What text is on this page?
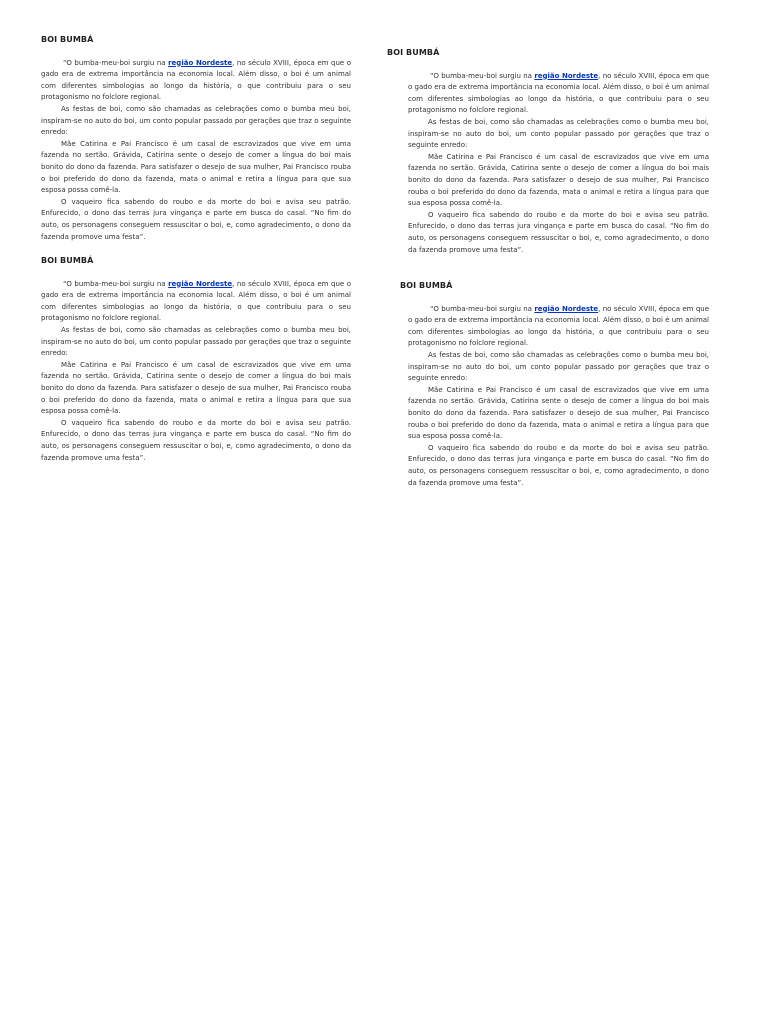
BOI BUMBÁ

“O bumba-meu-boi surgiu na região Nordeste, no século XVIII, época em que o gado era de extrema importância na economia local. Além disso, o boi é um animal com diferentes simbologias ao longo da história, o que contribuiu para o seu protagonismo no folclore regional.

As festas de boi, como são chamadas as celebrações como o bumba meu boi, inspiram-se no auto do boi, um conto popular passado por gerações que traz o seguinte enredo:

Mãe Catirina e Pai Francisco é um casal de escravizados que vive em uma fazenda no sertão. Grávida, Catirina sente o desejo de comer a língua do boi mais bonito do dono da fazenda. Para satisfazer o desejo de sua mulher, Pai Francisco rouba o boi preferido do dono da fazenda, mata o animal e retira a língua para que sua esposa possa comê-la.

O vaqueiro fica sabendo do roubo e da morte do boi e avisa seu patrão. Enfurecido, o dono das terras jura vingança e parte em busca do casal. “No fim do auto, os personagens conseguem ressuscitar o boi, e, como agradecimento, o dono da fazenda promove uma festa”.

BOI BUMBÁ

“O bumba-meu-boi surgiu na região Nordeste, no século XVIII, época em que o gado era de extrema importância na economia local. Além disso, o boi é um animal com diferentes simbologias ao longo da história, o que contribuiu para o seu protagonismo no folclore regional.

As festas de boi, como são chamadas as celebrações como o bumba meu boi, inspiram-se no auto do boi, um conto popular passado por gerações que traz o seguinte enredo:

Mãe Catirina e Pai Francisco é um casal de escravizados que vive em uma fazenda no sertão. Grávida, Catirina sente o desejo de comer a língua do boi mais bonito do dono da fazenda. Para satisfazer o desejo de sua mulher, Pai Francisco rouba o boi preferido do dono da fazenda, mata o animal e retira a língua para que sua esposa possa comê-la.

O vaqueiro fica sabendo do roubo e da morte do boi e avisa seu patrão. Enfurecido, o dono das terras jura vingança e parte em busca do casal. “No fim do auto, os personagens conseguem ressuscitar o boi, e, como agradecimento, o dono da fazenda promove uma festa”.

BOI BUMBÁ

“O bumba-meu-boi surgiu na região Nordeste, no século XVIII, época em que o gado era de extrema importância na economia local. Além disso, o boi é um animal com diferentes simbologias ao longo da história, o que contribuiu para o seu protagonismo no folclore regional.

As festas de boi, como são chamadas as celebrações como o bumba meu boi, inspiram-se no auto do boi, um conto popular passado por gerações que traz o seguinte enredo:

Mãe Catirina e Pai Francisco é um casal de escravizados que vive em uma fazenda no sertão. Grávida, Catirina sente o desejo de comer a língua do boi mais bonito do dono da fazenda. Para satisfazer o desejo de sua mulher, Pai Francisco rouba o boi preferido do dono da fazenda, mata o animal e retira a língua para que sua esposa possa comê-la.

O vaqueiro fica sabendo do roubo e da morte do boi e avisa seu patrão. Enfurecido, o dono das terras jura vingança e parte em busca do casal. “No fim do auto, os personagens conseguem ressuscitar o boi, e, como agradecimento, o dono da fazenda promove uma festa”.

BOI BUMBÁ

“O bumba-meu-boi surgiu na região Nordeste, no século XVIII, época em que o gado era de extrema importância na economia local. Além disso, o boi é um animal com diferentes simbologias ao longo da história, o que contribuiu para o seu protagonismo no folclore regional.

As festas de boi, como são chamadas as celebrações como o bumba meu boi, inspiram-se no auto do boi, um conto popular passado por gerações que traz o seguinte enredo:

Mãe Catirina e Pai Francisco é um casal de escravizados que vive em uma fazenda no sertão. Grávida, Catirina sente o desejo de comer a língua do boi mais bonito do dono da fazenda. Para satisfazer o desejo de sua mulher, Pai Francisco rouba o boi preferido do dono da fazenda, mata o animal e retira a língua para que sua esposa possa comê-la.

O vaqueiro fica sabendo do roubo e da morte do boi e avisa seu patrão. Enfurecido, o dono das terras jura vingança e parte em busca do casal. “No fim do auto, os personagens conseguem ressuscitar o boi, e, como agradecimento, o dono da fazenda promove uma festa”.
